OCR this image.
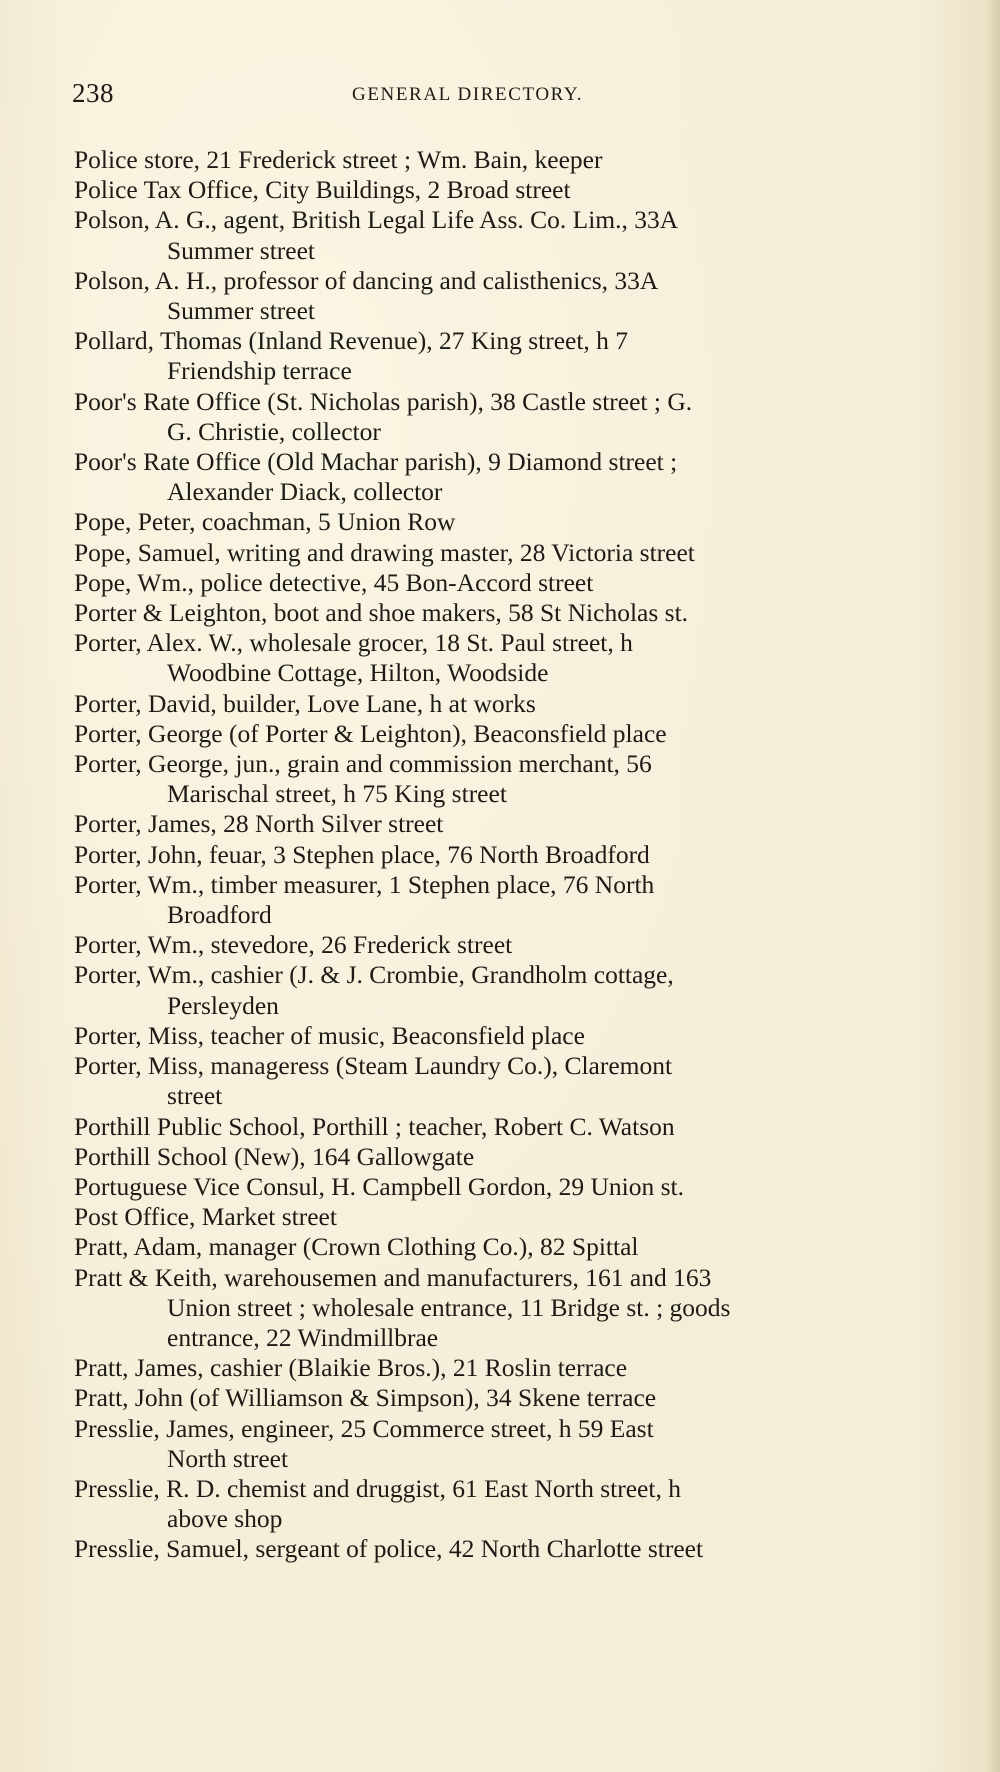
238	GENERAL DIRECTORY.
Police store, 21 Frederick street ; Wm. Bain, keeper
Police Tax Office, City Buildings, 2 Broad street
Polson, A. G., agent, British Legal Life Ass. Co. Lim., 33A
Summer street
Polson, A. H., professor of dancing and calisthenics, 33A
Summer street
Pollard, Thomas (Inland Revenue), 27 King street, h 7
Friendship terrace
Poor's Rate Office (St. Nicholas parish), 38 Castle street ; G.
G. Christie, collector
Poor's Rate Office (Old Machar parish), 9 Diamond street ;
Alexander Diack, collector
Pope, Peter, coachman, 5 Union Row
Pope, Samuel, writing and drawing master, 28 Victoria street
Pope, Wm., police detective, 45 Bon-Accord street
Porter & Leighton, boot and shoe makers, 58 St Nicholas st.
Porter, Alex. W., wholesale grocer, 18 St. Paul street, h
Woodbine Cottage, Hilton, Woodside
Porter, David, builder, Love Lane, h at works
Porter, George (of Porter & Leighton), Beaconsfield place
Porter, George, jun., grain and commission merchant, 56
Marischal street, h 75 King street
Porter, James, 28 North Silver street
Porter, John, feuar, 3 Stephen place, 76 North Broadford
Porter, Wm., timber measurer, 1 Stephen place, 76 North
Broadford
Porter, Wm., stevedore, 26 Frederick street
Porter, Wm., cashier (J. & J. Crombie, Grandholm cottage,
Persleyden
Porter, Miss, teacher of music, Beaconsfield place
Porter, Miss, manageress (Steam Laundry Co.), Claremont
street
Porthill Public School, Porthill ; teacher, Robert C. Watson
Porthill School (New), 164 Gallowgate
Portuguese Vice Consul, H. Campbell Gordon, 29 Union st.
Post Office, Market street
Pratt, Adam, manager (Crown Clothing Co.), 82 Spittal
Pratt & Keith, warehousemen and manufacturers, 161 and 163
Union street ; wholesale entrance, 11 Bridge st. ; goods
entrance, 22 Windmillbrae
Pratt, James, cashier (Blaikie Bros.), 21 Roslin terrace
Pratt, John (of Williamson & Simpson), 34 Skene terrace
Presslie, James, engineer, 25 Commerce street, h 59 East
North street
Presslie, R. D. chemist and druggist, 61 East North street, h
above shop
Presslie, Samuel, sergeant of police, 42 North Charlotte street
